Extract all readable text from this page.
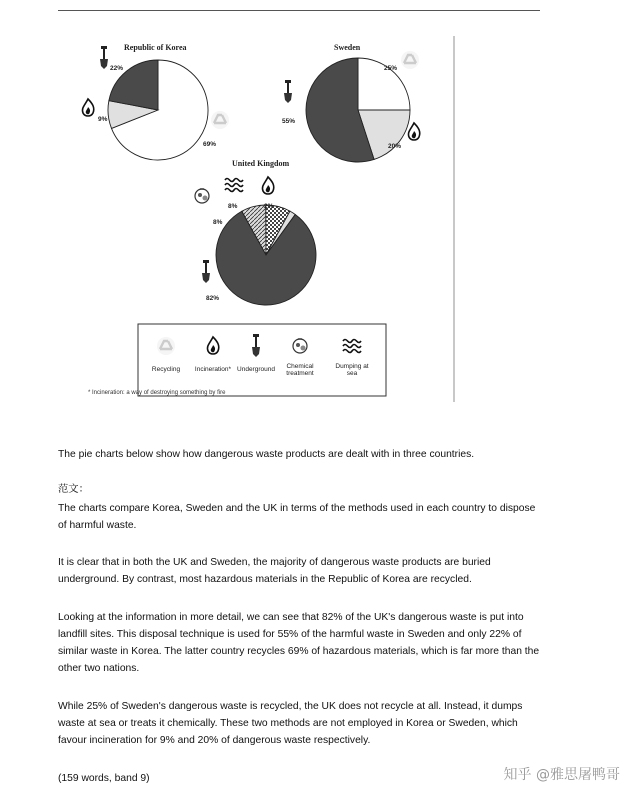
Republic of Korea
22%
9%
69%
Sweden
25%
55%
20%
United Kingdom
8%	2%
8%
82%
Recycling Incineration* Underground Chemical treatment
Dumping at sea
* Incineration: a way of destroying something by fire
The pie charts below show how dangerous waste products are dealt with in three countries.
范文：
The charts compare Korea, Sweden and the UK in terms of the methods used in each country to dispose of harmful waste.
It is clear that in both the UK and Sweden, the majority of dangerous waste products are buried underground. By contrast, most hazardous materials in the Republic of Korea are recycled.
Looking at the information in more detail, we can see that 82% of the UK's dangerous waste is put into landfill sites. This disposal technique is used for 55% of the harmful waste in Sweden and only 22% of similar waste in Korea. The latter country recycles 69% of hazardous materials, which is far more than the other two nations.
While 25% of Sweden's dangerous waste is recycled, the UK does not recycle at all. Instead, it dumps waste at sea or treats it chemically. These two methods are not employed in Korea or Sweden, which favour incineration for 9% and 20% of dangerous waste respectively.
(159 words, band 9)	知乎 @雅思屠鸭哥
